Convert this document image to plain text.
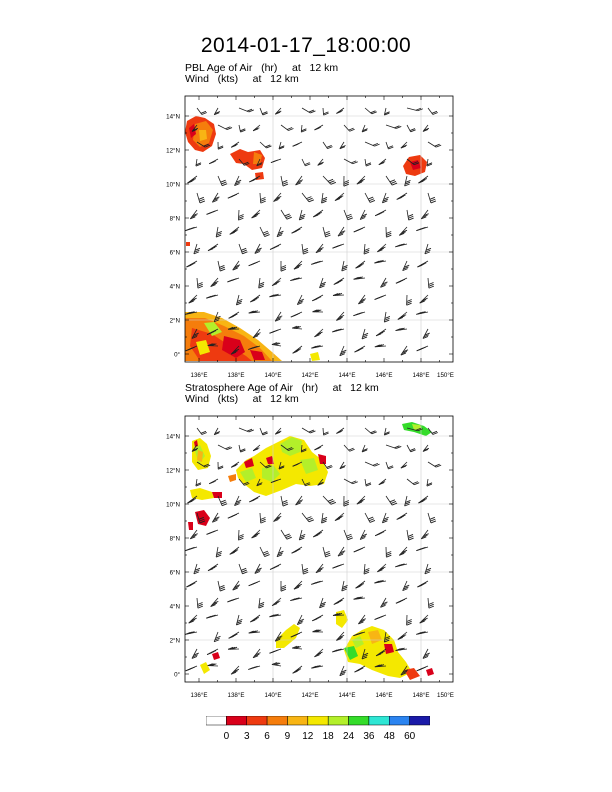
2014-01-17_18:00:00
PBL Age of Air   (hr)     at   12 km
Wind   (kts)     at   12 km
14°N
12°N
10°N
8°N
6°N
4°N
2°N
0°
136°E	138°E	140°E	142°E	144°E	146°E	148°E 150°E
Stratosphere Age of Air   (hr)     at   12 km
Wind   (kts)     at   12 km
14°N
12°N
10°N
8°N
6°N
4°N
2°N
0°
136°E	138°E	140°E	142°E	144°E	146°E	148°E 150°E
0 3 6 9 12 18 24 36 48 60
